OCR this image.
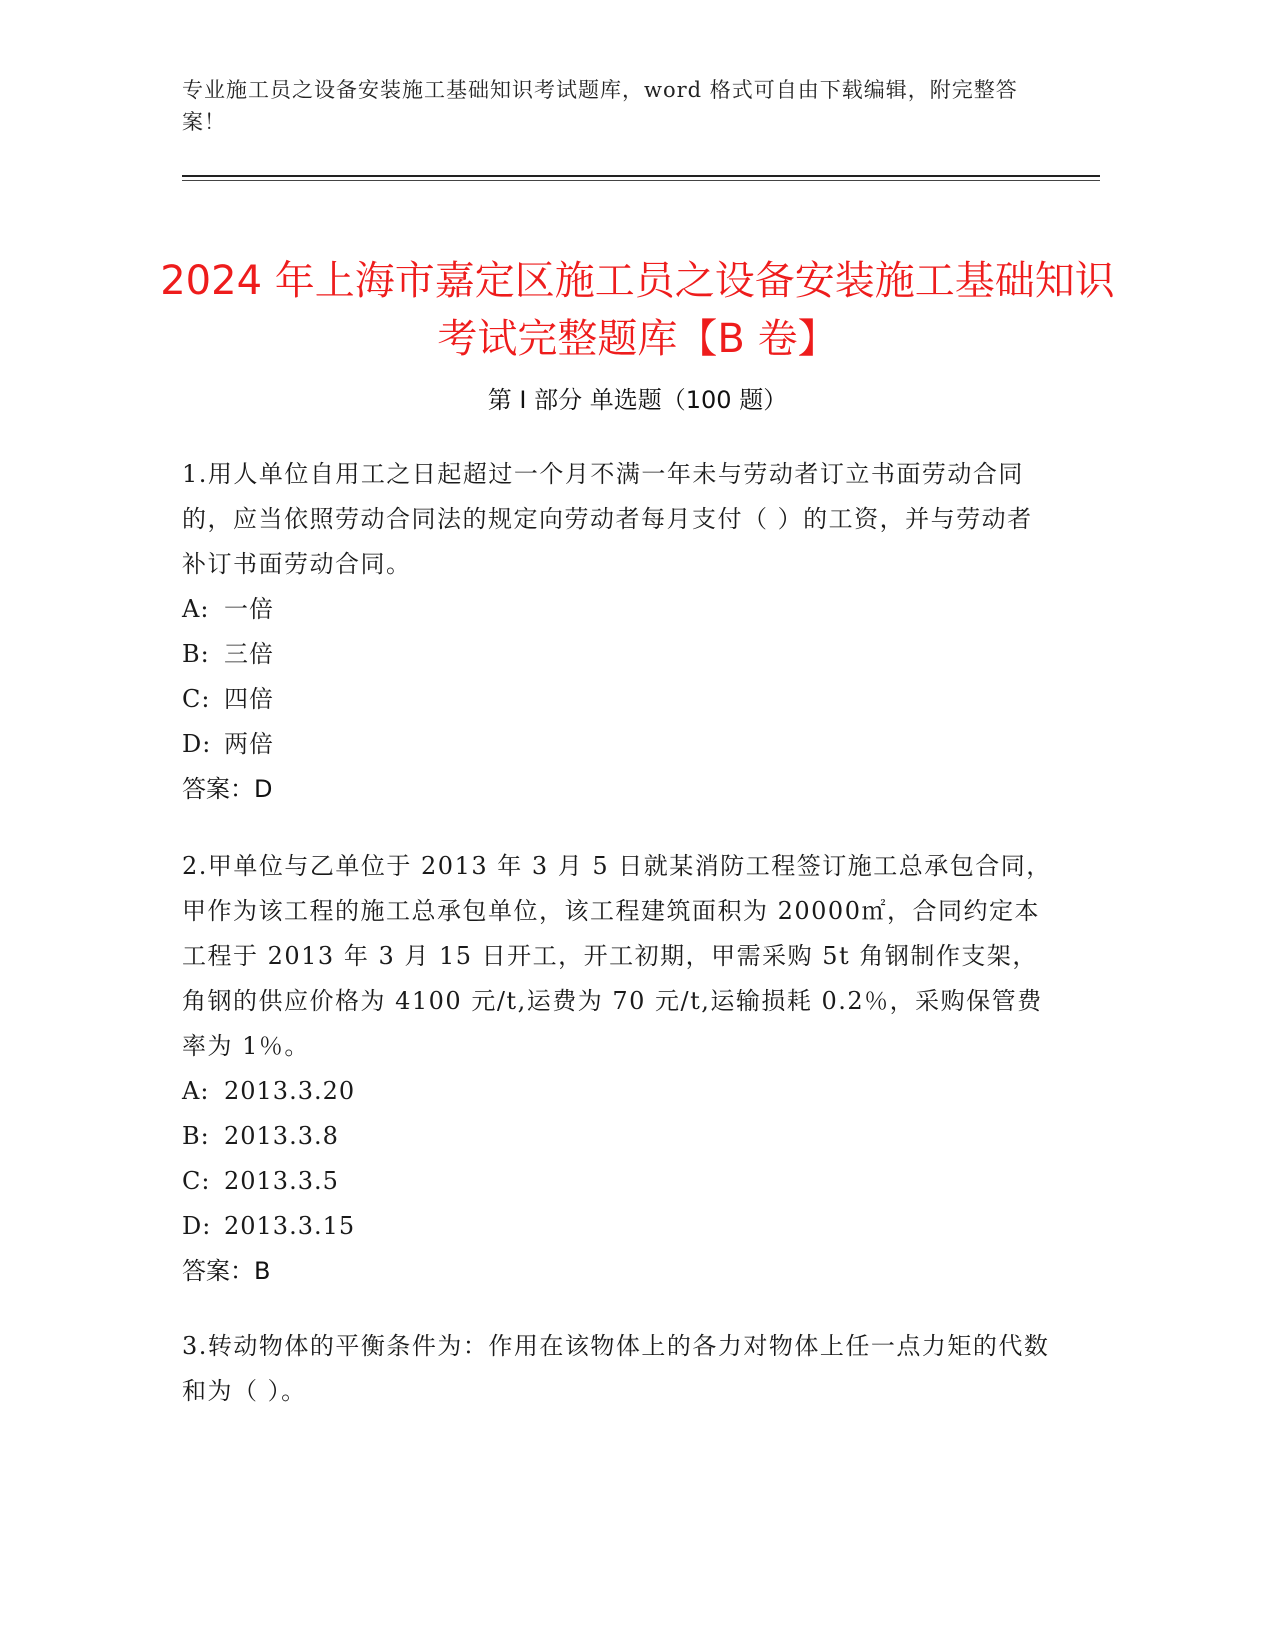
专业施工员之设备安装施工基础知识考试题库，word 格式可自由下载编辑，附完整答案！
2024 年上海市嘉定区施工员之设备安装施工基础知识考试完整题库【B 卷】
第 I 部分 单选题（100 题）

1.用人单位自用工之日起超过一个月不满一年未与劳动者订立书面劳动合同的，应当依照劳动合同法的规定向劳动者每月支付（ ）的工资，并与劳动者补订书面劳动合同。

A: 一倍

B: 三倍

C: 四倍

D: 两倍

答案：D

2.甲单位与乙单位于 2013 年 3 月 5 日就某消防工程签订施工总承包合同，甲作为该工程的施工总承包单位，该工程建筑面积为 20000㎡，合同约定本工程于 2013 年 3 月 15 日开工，开工初期，甲需采购 5t 角钢制作支架，角钢的供应价格为 4100 元/t,运费为 70 元/t,运输损耗 0.2％，采购保管费率为 1％。

A: 2013.3.20

B: 2013.3.8

C: 2013.3.5

D: 2013.3.15

答案：B

3.转动物体的平衡条件为：作用在该物体上的各力对物体上任一点力矩的代数和为（ ）。
